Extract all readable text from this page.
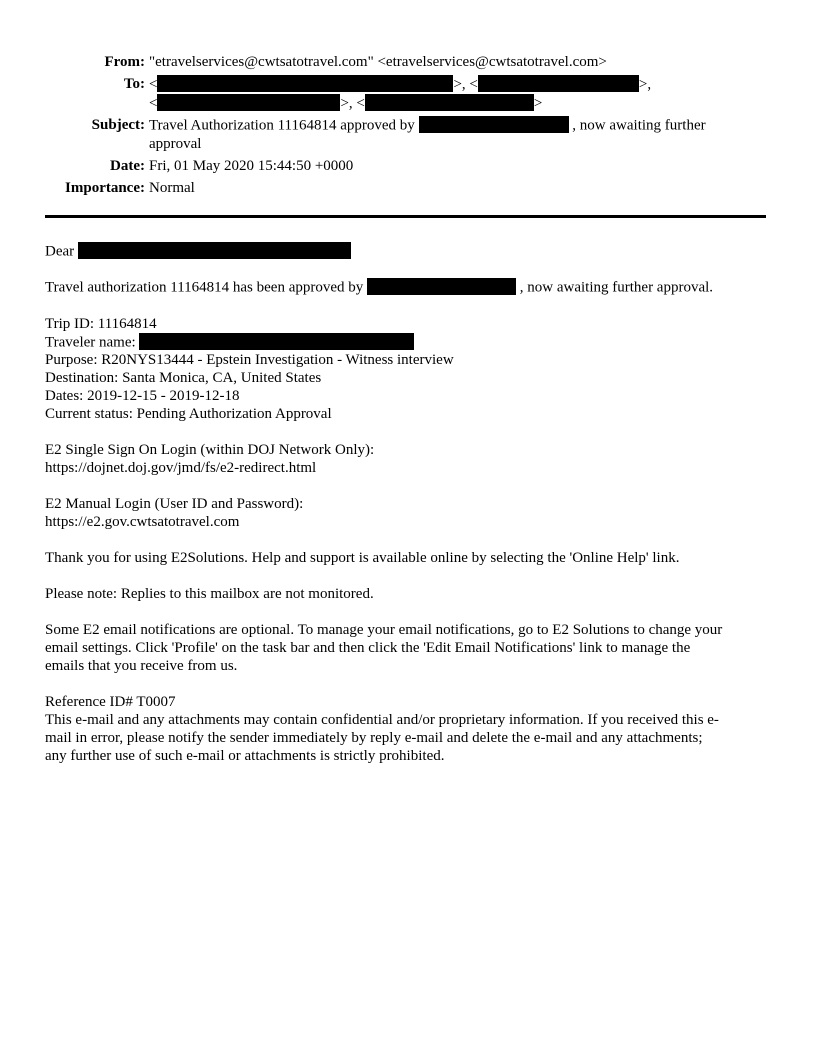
From:	"etravelservices@cwtsatotravel.com" <etravelservices@cwtsatotravel.com>

To:	< >, < >,
< >, < >

Subject:	Travel Authorization 11164814 approved by , now awaiting further
approval

Date:	Fri, 01 May 2020 15:44:50 +0000

Importance:	Normal
Dear
Travel authorization 11164814 has been approved by	, now awaiting further approval.
Trip ID: 11164814
Traveler name:
Purpose: R20NYS13444 - Epstein Investigation - Witness interview
Destination: Santa Monica, CA, United States
Dates: 2019-12-15 - 2019-12-18
Current status: Pending Authorization Approval
E2 Single Sign On Login (within DOJ Network Only):
https://dojnet.doj.gov/jmd/fs/e2-redirect.html
E2 Manual Login (User ID and Password):
https://e2.gov.cwtsatotravel.com
Thank you for using E2Solutions. Help and support is available online by selecting the 'Online Help' link.
Please note: Replies to this mailbox are not monitored.
Some E2 email notifications are optional. To manage your email notifications, go to E2 Solutions to change your
email settings. Click 'Profile' on the task bar and then click the 'Edit Email Notifications' link to manage the
emails that you receive from us.
Reference ID# T0007
This e-mail and any attachments may contain confidential and/or proprietary information. If you received this e-
mail in error, please notify the sender immediately by reply e-mail and delete the e-mail and any attachments;
any further use of such e-mail or attachments is strictly prohibited.
